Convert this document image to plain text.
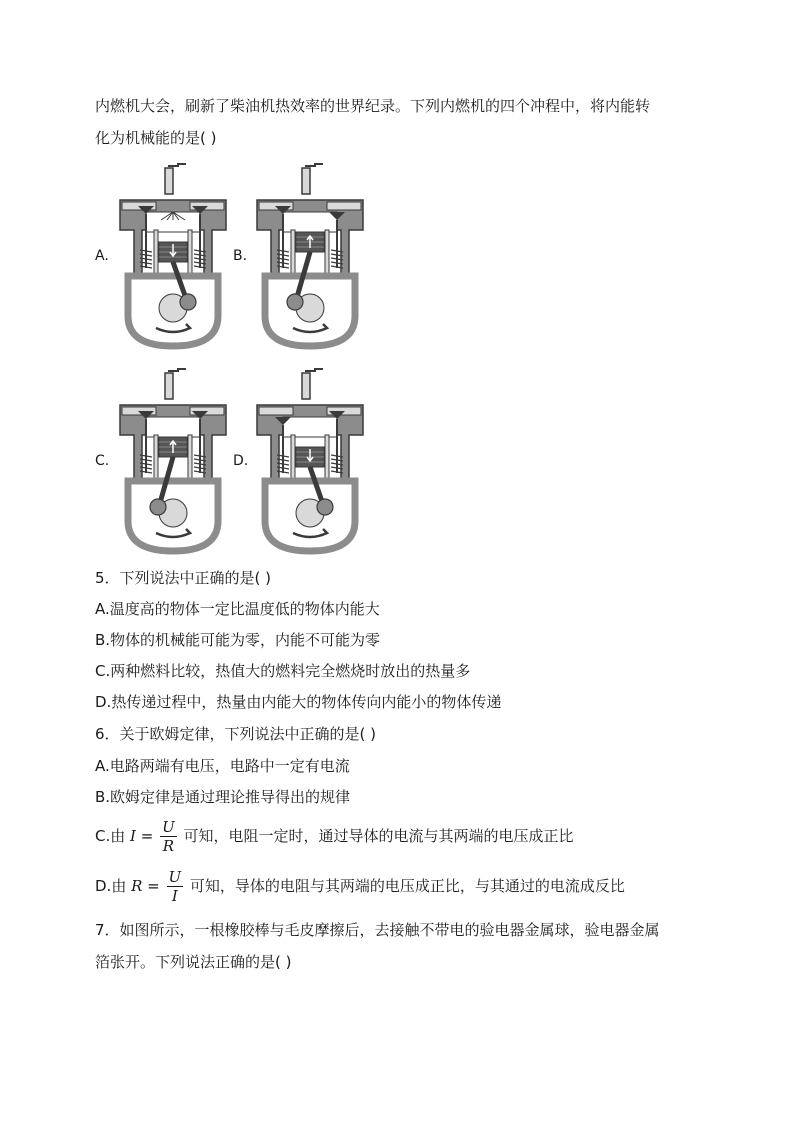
内燃机大会，刷新了柴油机热效率的世界纪录。下列内燃机的四个冲程中，将内能转
化为机械能的是( )
A.	B.
C.	D.
5．下列说法中正确的是( )
A.温度高的物体一定比温度低的物体内能大
B.物体的机械能可能为零，内能不可能为零
C.两种燃料比较，热值大的燃料完全燃烧时放出的热量多
D.热传递过程中，热量由内能大的物体传向内能小的物体传递
6．关于欧姆定律，下列说法中正确的是( )
A.电路两端有电压，电路中一定有电流
B.欧姆定律是通过理论推导得出的规律
C.由 $I = \frac{U}{R}$ 可知，电阻一定时，通过导体的电流与其两端的电压成正比
D.由 $R = \frac{U}{I}$ 可知，导体的电阻与其两端的电压成正比，与其通过的电流成反比
7．如图所示，一根橡胶棒与毛皮摩擦后，去接触不带电的验电器金属球，验电器金属
箔张开。下列说法正确的是( )
